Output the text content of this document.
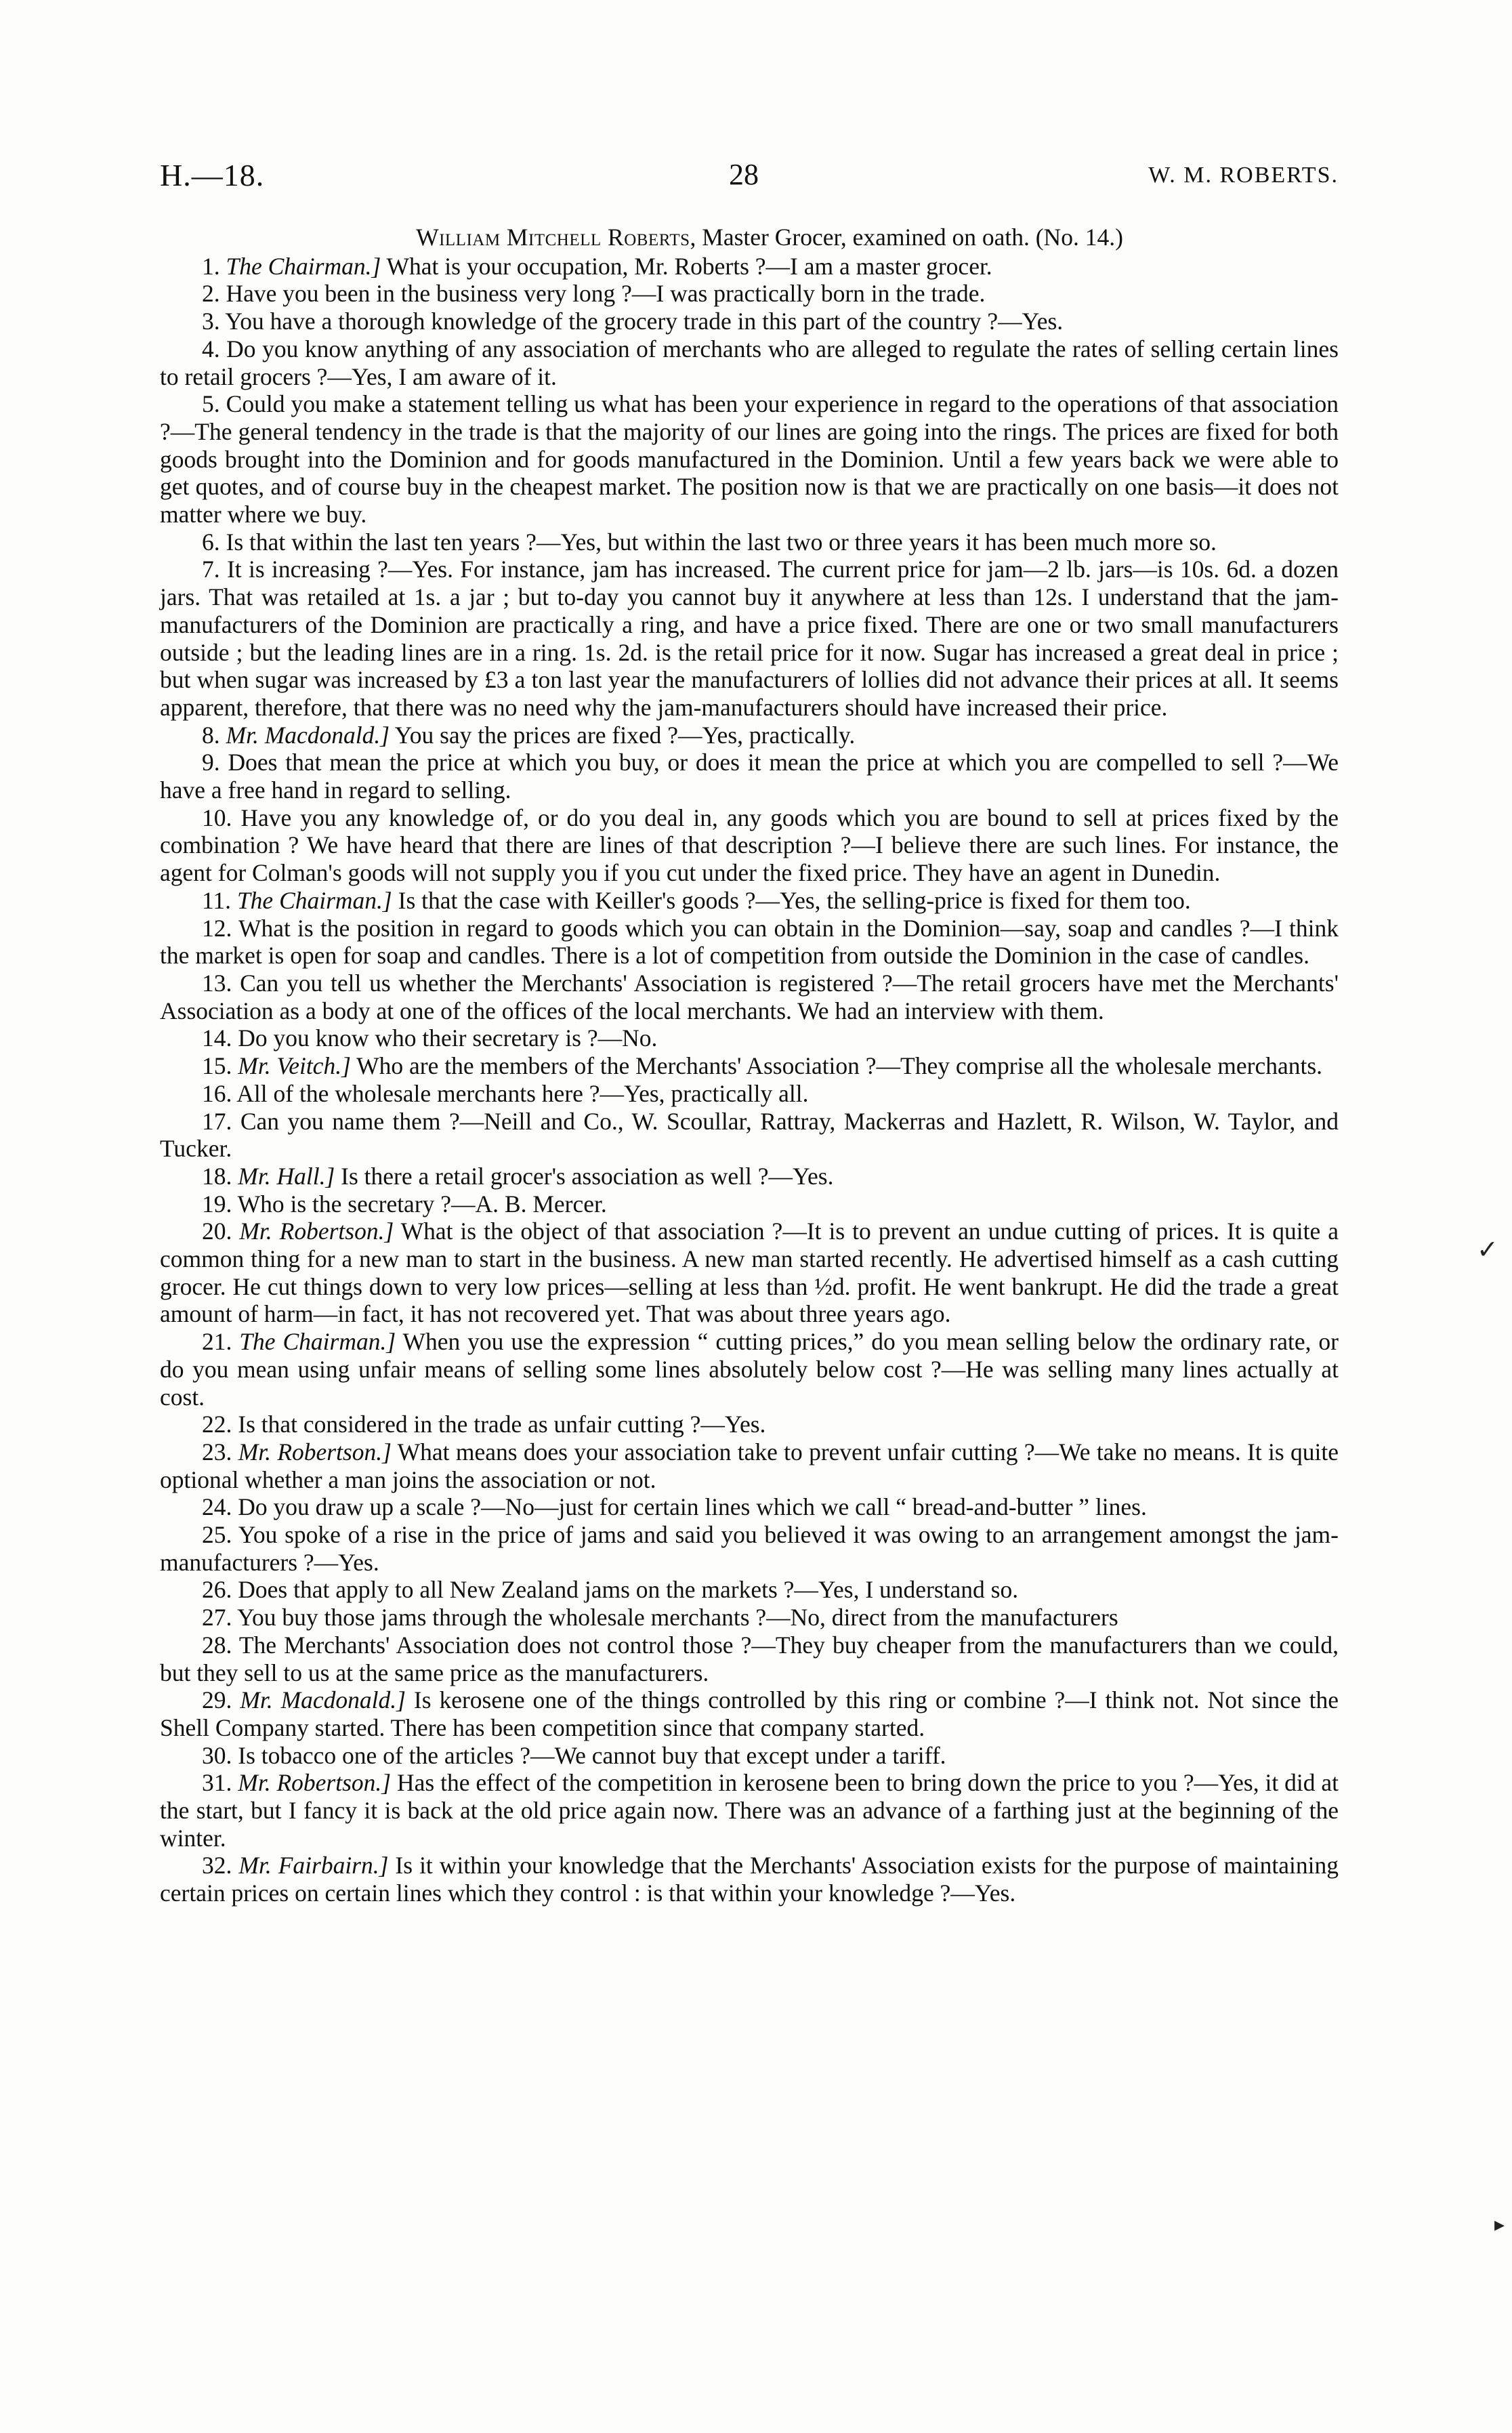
H.—18.	28	W. M. ROBERTS.

William Mitchell Roberts, Master Grocer, examined on oath. (No. 14.)

1. The Chairman.] What is your occupation, Mr. Roberts ?—I am a master grocer.

2. Have you been in the business very long ?—I was practically born in the trade.

3. You have a thorough knowledge of the grocery trade in this part of the country ?—Yes.

4. Do you know anything of any association of merchants who are alleged to regulate the rates of selling certain lines to retail grocers ?—Yes, I am aware of it.

5. Could you make a statement telling us what has been your experience in regard to the operations of that association ?—The general tendency in the trade is that the majority of our lines are going into the rings. The prices are fixed for both goods brought into the Dominion and for goods manufactured in the Dominion. Until a few years back we were able to get quotes, and of course buy in the cheapest market. The position now is that we are practically on one basis—it does not matter where we buy.

6. Is that within the last ten years ?—Yes, but within the last two or three years it has been much more so.

7. It is increasing ?—Yes. For instance, jam has increased. The current price for jam—2 lb. jars—is 10s. 6d. a dozen jars. That was retailed at 1s. a jar ; but to-day you cannot buy it anywhere at less than 12s. I understand that the jam-manufacturers of the Dominion are practically a ring, and have a price fixed. There are one or two small manufacturers outside ; but the leading lines are in a ring. 1s. 2d. is the retail price for it now. Sugar has increased a great deal in price ; but when sugar was increased by £3 a ton last year the manufacturers of lollies did not advance their prices at all. It seems apparent, therefore, that there was no need why the jam-manufacturers should have increased their price.

8. Mr. Macdonald.] You say the prices are fixed ?—Yes, practically.

9. Does that mean the price at which you buy, or does it mean the price at which you are compelled to sell ?—We have a free hand in regard to selling.

10. Have you any knowledge of, or do you deal in, any goods which you are bound to sell at prices fixed by the combination ? We have heard that there are lines of that description ?—I believe there are such lines. For instance, the agent for Colman's goods will not supply you if you cut under the fixed price. They have an agent in Dunedin.

11. The Chairman.] Is that the case with Keiller's goods ?—Yes, the selling-price is fixed for them too.

12. What is the position in regard to goods which you can obtain in the Dominion—say, soap and candles ?—I think the market is open for soap and candles. There is a lot of competition from outside the Dominion in the case of candles.

13. Can you tell us whether the Merchants' Association is registered ?—The retail grocers have met the Merchants' Association as a body at one of the offices of the local merchants. We had an interview with them.

14. Do you know who their secretary is ?—No.

15. Mr. Veitch.] Who are the members of the Merchants' Association ?—They comprise all the wholesale merchants.

16. All of the wholesale merchants here ?—Yes, practically all.

17. Can you name them ?—Neill and Co., W. Scoullar, Rattray, Mackerras and Hazlett, R. Wilson, W. Taylor, and Tucker.

18. Mr. Hall.] Is there a retail grocer's association as well ?—Yes.

19. Who is the secretary ?—A. B. Mercer.

20. Mr. Robertson.] What is the object of that association ?—It is to prevent an undue cutting of prices. It is quite a common thing for a new man to start in the business. A new man started recently. He advertised himself as a cash cutting grocer. He cut things down to very low prices—selling at less than ½d. profit. He went bankrupt. He did the trade a great amount of harm—in fact, it has not recovered yet. That was about three years ago.

21. The Chairman.] When you use the expression “ cutting prices,” do you mean selling below the ordinary rate, or do you mean using unfair means of selling some lines absolutely below cost ?—He was selling many lines actually at cost.

22. Is that considered in the trade as unfair cutting ?—Yes.

23. Mr. Robertson.] What means does your association take to prevent unfair cutting ?—We take no means. It is quite optional whether a man joins the association or not.

24. Do you draw up a scale ?—No—just for certain lines which we call “ bread-and-butter ” lines.

25. You spoke of a rise in the price of jams and said you believed it was owing to an arrangement amongst the jam-manufacturers ?—Yes.

26. Does that apply to all New Zealand jams on the markets ?—Yes, I understand so.

27. You buy those jams through the wholesale merchants ?—No, direct from the manufacturers

28. The Merchants' Association does not control those ?—They buy cheaper from the manufacturers than we could, but they sell to us at the same price as the manufacturers.

29. Mr. Macdonald.] Is kerosene one of the things controlled by this ring or combine ?—I think not. Not since the Shell Company started. There has been competition since that company started.

30. Is tobacco one of the articles ?—We cannot buy that except under a tariff.

31. Mr. Robertson.] Has the effect of the competition in kerosene been to bring down the price to you ?—Yes, it did at the start, but I fancy it is back at the old price again now. There was an advance of a farthing just at the beginning of the winter.

32. Mr. Fairbairn.] Is it within your knowledge that the Merchants' Association exists for the purpose of maintaining certain prices on certain lines which they control : is that within your knowledge ?—Yes.

✓
▸
